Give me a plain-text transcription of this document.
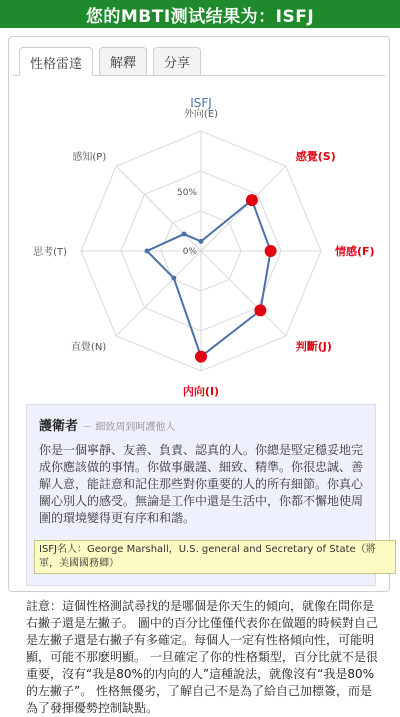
您的MBTI测试结果为：ISFJ
性格雷達	解釋	分享
ISFJ
50%
0%
外向(E)
感覺(S)
情感(F)
判斷(J)
内向(I)
直覺(N)
思考(T)
感知(P)
護衛者 － 細致周到呵護他人
你是一個寧靜、友善、負責、認真的人。你總是堅定穩妥地完成你應該做的事情。你做事嚴謹、細致、精準。你很忠誠、善解人意，能註意和記住那些對你重要的人的所有細節。你真心關心別人的感受。無論是工作中還是生活中，你都不懈地使周圍的環境變得更有序和和諧。
ISFJ名人：George Marshall，U.S. general and Secretary of State（將軍，美國國務卿）
註意：這個性格測試尋找的是哪個是你天生的傾向，就像在問你是右撇子還是左撇子。 圖中的百分比僅僅代表你在做題的時候對自己是左撇子還是右撇子有多確定。每個人一定有性格傾向性，可能明顯，可能不那麽明顯。 一旦確定了你的性格類型，百分比就不是很重要，沒有“我是80%的内向的人”這種說法，就像沒有“我是80%的左撇子”。 性格無優劣，了解自己不是為了給自己加標簽，而是為了發揮優勢控制缺點。
